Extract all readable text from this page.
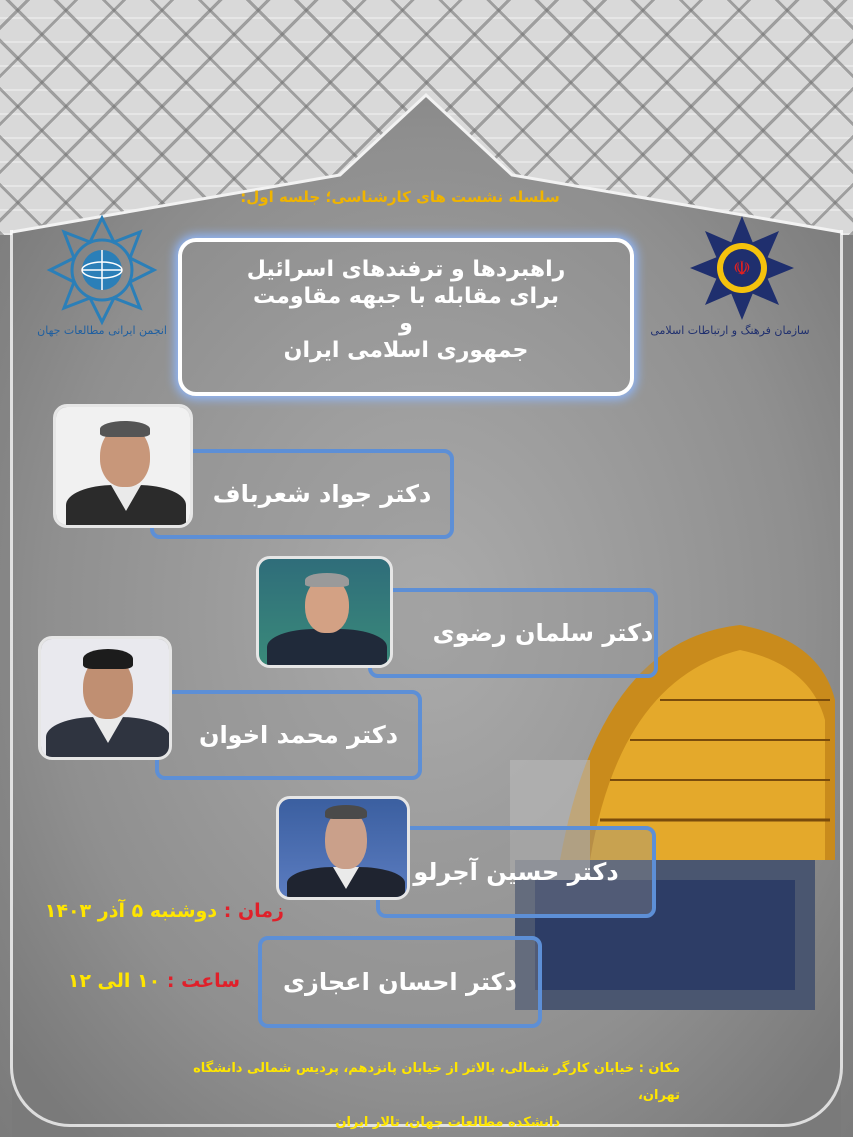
سلسله نشست های کارشناسی؛ جلسه اول:
انجمن ایرانی مطالعات جهان
☫
سازمان فرهنگ و ارتباطات اسلامی
راهبردها و ترفندهای اسرائیل
برای مقابله با جبهه مقاومت
و
جمهوری اسلامی ایران
دکتر جواد شعرباف
دکتر سلمان رضوی
دکتر محمد اخوان
دکتر حسین آجرلو
دکتر احسان اعجازی
زمان : دوشنبه ۵ آذر ۱۴۰۳
ساعت : ۱۰ الی ۱۲
مکان : خیابان کارگر شمالی، بالاتر از خیابان پانزدهم، پردیس شمالی دانشگاه تهران،
دانشکده مطالعات جهان، تالار ایران
